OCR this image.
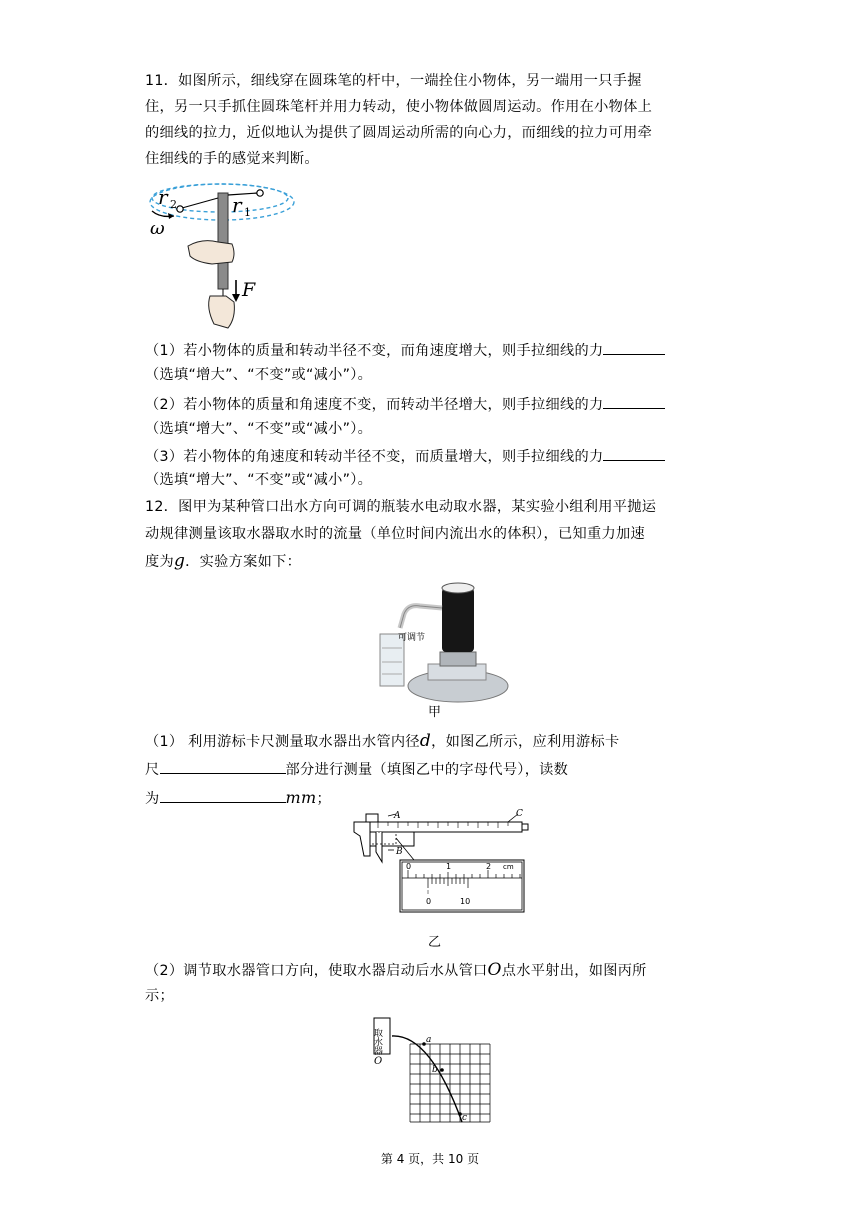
11．如图所示，细线穿在圆珠笔的杆中，一端拴住小物体，另一端用一只手握
住，另一只手抓住圆珠笔杆并用力转动，使小物体做圆周运动。作用在小物体上
的细线的拉力，近似地认为提供了圆周运动所需的向心力，而细线的拉力可用牵
住细线的手的感觉来判断。
r 2	r 1
ω
F
（1）若小物体的质量和转动半径不变，而角速度增大，则手拉细线的力
（选填“增大”、“不变”或“减小”）。
（2）若小物体的质量和角速度不变，而转动半径增大，则手拉细线的力
（选填“增大”、“不变”或“减小”）。
（3）若小物体的角速度和转动半径不变，而质量增大，则手拉细线的力
（选填“增大”、“不变”或“减小”）。
12．图甲为某种管口出水方向可调的瓶装水电动取水器，某实验小组利用平抛运
动规律测量该取水器取水时的流量（单位时间内流出水的体积），已知重力加速
度为g．实验方案如下：
可调节
甲
（1） 利用游标卡尺测量取水器出水管内径d，如图乙所示，应利用游标卡
尺	部分进行测量（填图乙中的字母代号），读数
为	mm；
A
B
C
0	1	2 cm
0	10
乙
（2）调节取水器管口方向，使取水器启动后水从管口O点水平射出，如图丙所
示；
取水器
O
a
b
c
第 4 页，共 10 页
